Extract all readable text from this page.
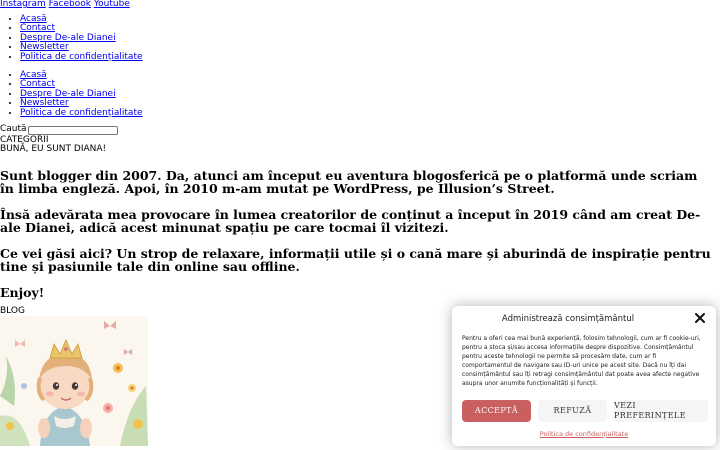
Instagram Facebook Youtube
• Acasă
• Contact
• Despre De-ale Dianei
• Newsletter
• Politica de confidențialitate
• Acasă
• Contact
• Despre De-ale Dianei
• Newsletter
• Politica de confidențialitate
Caută
CATEGORII
BUNĂ, EU SUNT DIANA!

Sunt blogger din 2007. Da, atunci am început eu aventura blogosferică pe o platformă unde scriam în limba engleză. Apoi, în 2010 m-am mutat pe WordPress, pe Illusion’s Street.

Însă adevărata mea provocare în lumea creatorilor de conținut a început în 2019 când am creat De-ale Dianei, adică acest minunat spațiu pe care tocmai îl vizitezi.

Ce vei găsi aici? Un strop de relaxare, informații utile și o cană mare și aburindă de inspirație pentru tine și pasiunile tale din online sau offline.

Enjoy!

BLOG
Administrează consimțământul
Pentru a oferi cea mai bună experiență, folosim tehnologii, cum ar fi cookie-uri, pentru a stoca și/sau accesa informațiile despre dispozitive. Consimțământul pentru aceste tehnologii ne permite să procesăm date, cum ar fi comportamentul de navigare sau ID-uri unice pe acest site. Dacă nu îți dai consimțământul sau îți retragi consimțământul dat poate avea afecte negative asupra unor anumite funcționalități și funcții.
ACCEPTĂ	REFUZĂ
VEZI PREFERINȚELE
Politica de confidențialitate
